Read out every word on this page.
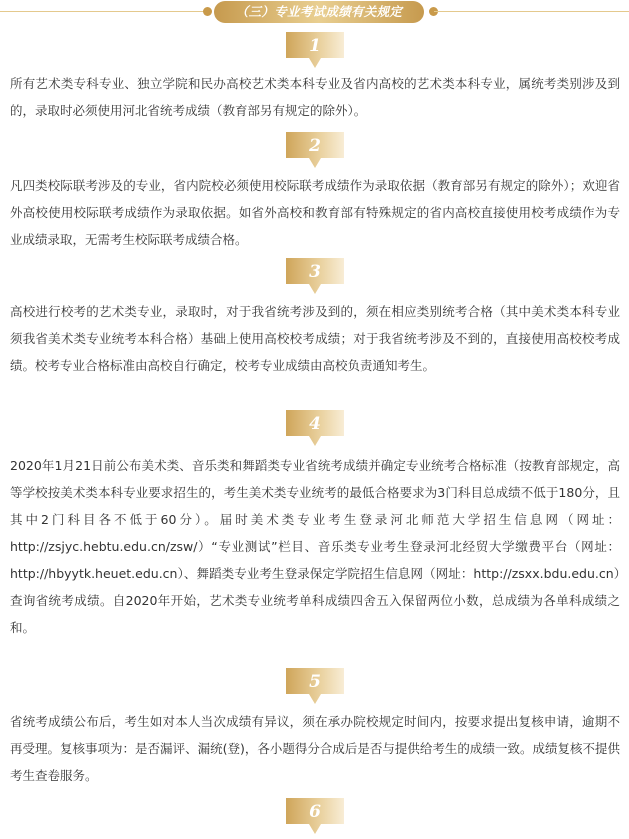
（三）专业考试成绩有关规定
1

所有艺术类专科专业、独立学院和民办高校艺术类本科专业及省内高校的艺术类本科专业，属统考类别涉及到的，录取时必须使用河北省统考成绩（教育部另有规定的除外）。

2

凡四类校际联考涉及的专业，省内院校必须使用校际联考成绩作为录取依据（教育部另有规定的除外）；欢迎省外高校使用校际联考成绩作为录取依据。如省外高校和教育部有特殊规定的省内高校直接使用校考成绩作为专业成绩录取，无需考生校际联考成绩合格。

3

高校进行校考的艺术类专业，录取时，对于我省统考涉及到的，须在相应类别统考合格（其中美术类本科专业须我省美术类专业统考本科合格）基础上使用高校校考成绩；对于我省统考涉及不到的，直接使用高校校考成绩。校考专业合格标准由高校自行确定，校考专业成绩由高校负责通知考生。

4

2020年1月21日前公布美术类、音乐类和舞蹈类专业省统考成绩并确定专业统考合格标准（按教育部规定，高等学校按美术类本科专业要求招生的，考生美术类专业统考的最低合格要求为3门科目总成绩不低于180分，且其中2门科目各不低于60分）。届时美术类专业考生登录河北师范大学招生信息网（网址：http://zsjyc.hebtu.edu.cn/zsw/）“专业测试”栏目、音乐类专业考生登录河北经贸大学缴费平台（网址：http://hbyytk.heuet.edu.cn）、舞蹈类专业考生登录保定学院招生信息网（网址：http://zsxx.bdu.edu.cn）查询省统考成绩。自2020年开始，艺术类专业统考单科成绩四舍五入保留两位小数，总成绩为各单科成绩之和。

5

省统考成绩公布后，考生如对本人当次成绩有异议，须在承办院校规定时间内，按要求提出复核申请，逾期不再受理。复核事项为：是否漏评、漏统(登)，各小题得分合成后是否与提供给考生的成绩一致。成绩复核不提供考生查卷服务。

6
